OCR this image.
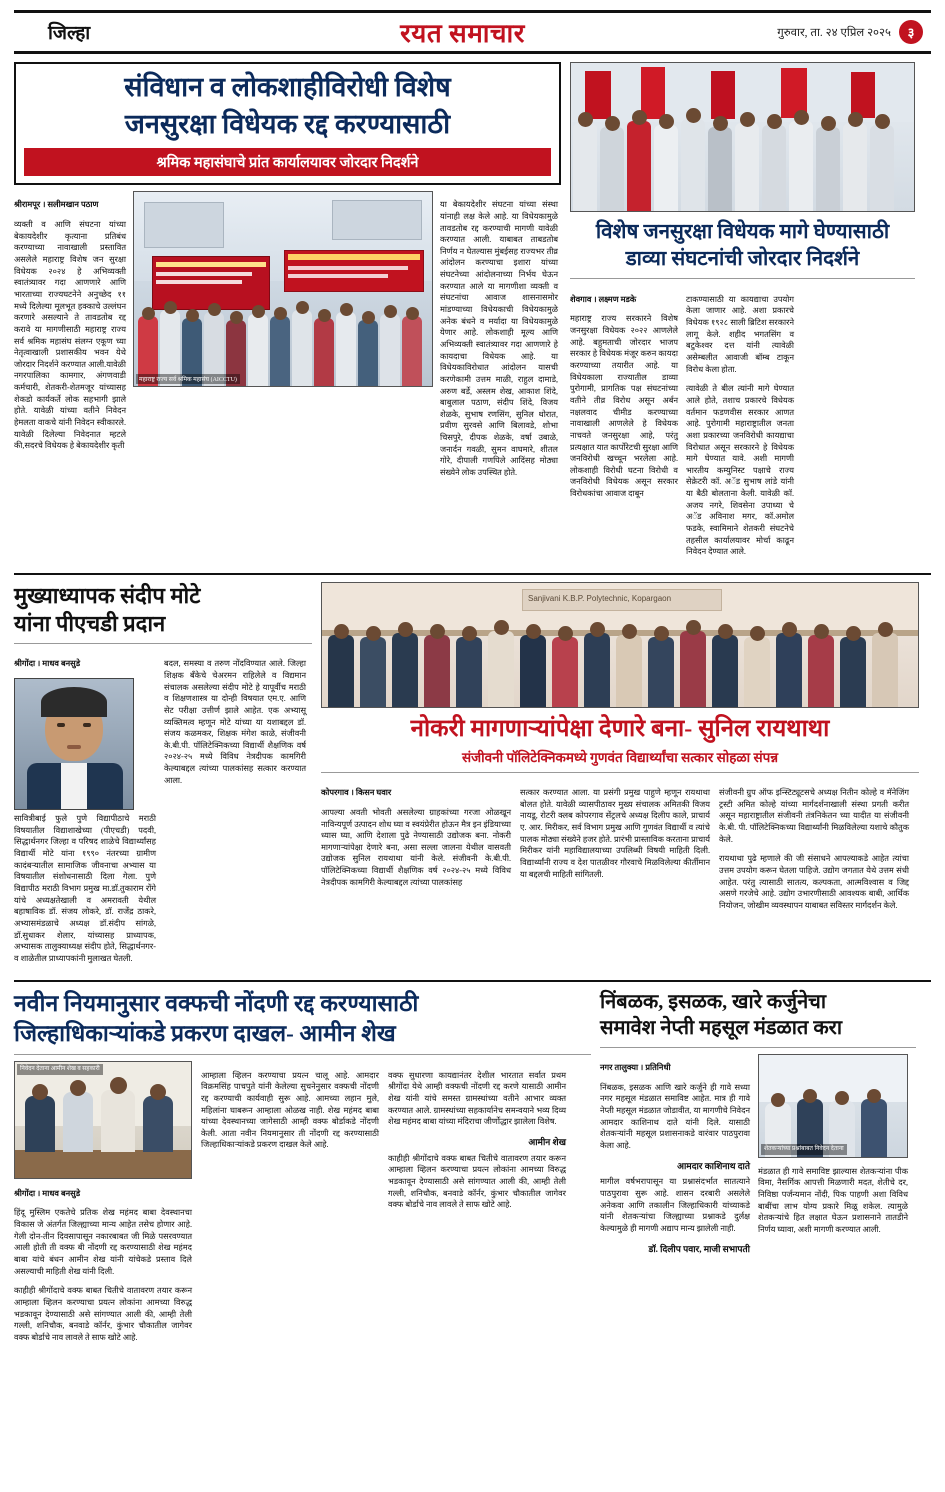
जिल्हा	रयत समाचार	गुरुवार, ता. २४ एप्रिल २०२५	३
संविधान व लोकशाहीविरोधी विशेष
जनसुरक्षा विधेयक रद्द करण्यासाठी
श्रमिक महासंघाचे प्रांत कार्यालयावर जोरदार निदर्शने

श्रीरामपूर । सलीमखान पठाण

व्यक्ती व आणि संघटना यांच्या बेकायदेशीर कृत्याना प्रतिबंध करण्याच्या नावाखाली प्रस्तावित असलेले महाराष्ट्र विशेष जन सुरक्षा विधेयक २०२४ हे अभिव्यक्ती स्वातंत्र्यावर गदा आणणारे आणि भारताच्या राज्यघटनेने अनुच्छेद ११ मध्ये दिलेल्या मूलभूत हक्काचे उल्लंघन करणारे असल्याने ते तावडतोब रद्द करावे या मागणीसाठी महाराष्ट्र राज्य सर्व श्रमिक महासंघ संलग्न एकूण च्या नेतृत्वाखाली प्रशासकीय भवन येथे जोरदार निदर्शने करण्यात आली.यावेळी नगरपालिका कामगार, अंगणवाडी कर्मचारी, शेतकरी-शेतमजूर यांच्यासह शेकडो कार्यकर्ते लोक सहभागी झाले होते. यावेळी यांच्या वतीने निवेदन हेमलता वाकचे यांनी निवेदन स्वीकारले. यावेळी दिलेल्या निवेदनात म्हटले की,सदरचे विधेयक हे बेकायदेशीर कृती

महाराष्ट्र राज्य सर्व श्रमिक महासंघ (AICCTU)

या बेकायदेशीर संघटना यांच्या संस्था यांनाही लक्ष केले आहे. या विधेयकामुळे तावडतोब रद्द करण्याची मागणी यावेळी करण्यात आली. याबाबत ताबडतोब निर्णय न घेतल्यास मुंबईसह राज्यभर तीव्र आंदोलन करण्याचा इशारा यांच्या संघटनेच्या आंदोलनाच्या निर्भय घेऊन करण्यात आले या मागणीशा व्यक्ती व संघटनांचा आवाज शासनासमोर मांडण्याच्या विधेयकाची विधेयकामुळे अनेक बंधने व मर्यादा या विधेयकामुळे येणार आहे. लोकशाही मूल्य आणि अभिव्यक्ती स्वातंत्र्यावर गदा आणणारे हे कायदाचा विधेयक आहे. या विधेयकाविरोधात आंदोलन यासची करणेकामी उत्तम माळी, राहुल दामाडे, अरुण बर्डे, अस्लम शेख, आकाश शिंदे, बाबुलाल पठाण, संदीप शिंदे, विजय शेळके, सुभाष रणसिंग, सुनिल थोरात, प्रवीण सुरवसे आणि बिलावडे, शोभा चिसपुरे, दीपक शेळके, वर्षा उबाळे, जनार्दन गवळी, सुमन वाघमारे, शीतल गोरे, दीपाली गणपिले आदिंसह मोठ्या संख्येने लोक उपस्थित होते.

विशेष जनसुरक्षा विधेयक मागे घेण्यासाठी
डाव्या संघटनांची जोरदार निदर्शने

शेवगाव । लक्ष्मण मडके

महाराष्ट्र राज्य सरकारने विशेष जनसुरक्षा विधेयक २०२२ आणलेले आहे. बहुमताची जोरदार भाजप सरकार हे विधेयक मंजूर करुन कायदा करण्याच्या तयारीत आहे. या विधेयकाला राज्यातील डाव्या पुरोगामी, प्रागतिक पक्ष संघटनांच्या वतीने तीव्र विरोध असून अर्बन नक्षलवाद चीमीड करण्याच्या नावाखाली आणलेले हे विधेयक नाचवते जनसुरक्षा आहे, परंतु प्रत्यक्षात यात कार्पोरेटची सुरक्षा आणि जनविरोधी खच्चून भरलेला आहे. लोकशाही विरोधी घटना विरोधी व जनविरोधी विधेयक असून सरकार विरोधकांचा आवाज दाबून

टाकण्यासाठी या कायद्याचा उपयोग केला जाणार आहे. अशा प्रकारचे विधेयक १९२८ साली ब्रिटिश सरकारने लागू केले. शहीद भगतसिंग व बटुकेश्वर दत्त यांनी त्यावेळी असेम्बलीत आवाजी बॉम्ब टाकून विरोध केला होता.

त्यावेळी ते बील त्यांनी मागे घेण्यात आले होते, तशाच प्रकारचे विधेयक वर्तमान फडणवीस सरकार आणत आहे. पुरोगामी महाराष्ट्रातील जनता अशा प्रकारच्या जनविरोधी कायद्याचा विरोधात असून सरकारने हे विधेयक मागे घेण्यात यावे. अशी मागणी भारतीय कम्युनिस्ट पक्षाचे राज्य सेक्रेटरी कॉ. अॅड सुभाष लांडे यांनी या बैठी बोलताना केली. यावेळी कॉ. अजय नगरे, शिवसेना उपाध्या चे अॅड अविनाश मगर, कॉ.अमोल फडके, स्वामिमाने शेतकरी संघटनेचे तहसील कार्यालयावर मोर्चा काढून निवेदन देण्यात आले.

मुख्याध्यापक संदीप मोटे
यांना पीएचडी प्रदान

श्रीगोंदा । माधव बनसुडे

सावित्रीबाई फुले पुणे विद्यापीठाचे मराठी विषयातील विद्याशाखेच्या (पीएचडी) पदवी, सिद्धार्थनगर जिल्हा व परिषद शाळेचे विद्यार्थ्यांसह विद्यार्थी मोटे यांना १९९० नंतरच्या ग्रामीण कादंबऱ्यातील सामाजिक जीवनाचा अभ्यास या विषयातील संशोधनासाठी दिला गेला. पुणे विद्यापीठ मराठी विभाग प्रमुख मा.डॉ.तुकाराम रोंगे यांचे अध्यक्षतेखाली व अमरावती येथील बहाषाविक डॉ. संजय लोकरे, डॉ. राजेंद्र ठाकरे, अभ्यासमंडळाचे अध्यक्ष डॉ.संदीप सांगळे, डॉ.सुधाकर शेलार, यांच्यासह प्राध्यापक, अभ्यासक तालुक्याध्यक्ष संदीप होते, सिद्धार्थनगर- व शाळेतील प्राध्यापकांनी मुलाखत घेतली.

बदल, समस्या व तरुण नोंदविण्यात आले. जिल्हा शिक्षक बँकेचे चेअरमन राहिलेले व विद्यमान संचालक असलेल्या संदीप मोटे हे यापूर्वीच मराठी व शिक्षणशास्त्र या दोन्ही विषयात एम.ए. आणि सेट परीक्षा उत्तीर्ण झाले आहेत. एक अभ्यासू व्यक्तिमत्व म्हणून मोटे यांच्या या यशाबद्दल डॉ. संजय कळमकर, शिक्षक मंगेश काळे, संजीवनी के.बी.पी. पॉलिटेक्निकच्या विद्यार्थी शैक्षणिक वर्ष २०२४-२५ मध्ये विविध नेत्रदीपक कामगिरी केल्याबद्दल त्यांच्या पालकांसह सत्कार करण्यात आला.

Sanjivani K.B.P. Polytechnic, Kopargaon
नोकरी मागणाऱ्यांपेक्षा देणारे बना- सुनिल रायथाथा
संजीवनी पॉलिटेक्निकमध्ये गुणवंत विद्यार्थ्यांचा सत्कार सोहळा संपन्न

कोपरगाव । किसन घवार

आपल्या अवती भोवती असलेल्या ग्राहकांच्या गरजा ओळखून नाविन्यपूर्ण उत्पादन शोध घ्या व स्वयंप्रेरीत होऊन मैत्र इन इंडियाच्या ध्यास घ्या, आणि देशाला पुढे नेण्यासाठी उद्योजक बना. नोकरी मागणाऱ्यांपेक्षा देणारे बना, असा सल्ला जालना येथील वासवती उद्योजक सुनिल रायथाथा यांनी केले. संजीवनी के.बी.पी. पॉलिटेक्निकच्या विद्यार्थी शैक्षणिक वर्ष २०२४-२५ मध्ये विविध नेत्रदीपक कामगिरी केल्याबद्दल त्यांच्या पालकांसह

सत्कार करण्यात आला. या प्रसंगी प्रमुख पाहुणे म्हणून रायथाथा बोलत होते. यावेळी व्यासपीठावर मुख्य संचालक अमितकी विजय नायडू, रोटरी क्लब कोपरगाव सेंट्रलचे अध्यक्ष दिलीप काले, प्राचार्य ए. आर. मिरीकर, सर्व विभाग प्रमुख आणि गुणवंत विद्यार्थी व त्यांचे पालक मोठ्या संख्येने हजर होते. प्रारंभी प्रास्ताविक करताना प्राचार्य मिरीकर यांनी महाविद्यालयाच्या उपलिब्धी विषयी माहिती दिली. विद्यार्थ्यांनी राज्य व देश पातळीवर गौरवाचे मिळविलेल्या कीर्तीमान या बद्दलची माहिती सांगितली.

संजीवनी ग्रुप ऑफ इन्स्टिट्यूटसचे अध्यक्ष नितीन कोल्हे व मॅनेजिंग ट्रस्टी अमित कोल्हे यांच्या मार्गदर्शनाखाली संस्था प्रगती करीत असून महाराष्ट्रातील संजीवनी तंत्रनिकेतन च्या यादीत या संजीवनी के.बी. पी. पॉलिटेक्निकच्या विद्यार्थ्यांनी मिळविलेल्या यशाचे कौतुक केले.

रायथाथा पुढे म्हणाले की जी संसाधने आपल्याकडे आहेत त्यांचा उत्तम उपयोग करून घेतला पाहिजे. उद्योग जगतात येथे उत्तम संधी आहेत. परंतु त्यासाठी सातत्य, कल्पकता, आत्मविश्वास व जिद्द असणे गरजेचे आहे. उद्योग उभारणीसाठी आवश्यक बाबी, आर्थिक नियोजन, जोखीम व्यवस्थापन याबाबत सविस्तर मार्गदर्शन केले.

नवीन नियमानुसार वक्फची नोंदणी रद्द करण्यासाठी
जिल्हाधिकाऱ्यांकडे प्रकरण दाखल- आमीन शेख
निवेदन देताना आमीन शेख व सहकारी

श्रीगोंदा । माधव बनसुडे

हिंदू मुस्लिम एकतेचे प्रतिक शेख महंमद बाबा देवस्थानचा विकास जे अंतर्गत जिल्ह्याच्या मान्य आहेत तसेच होणार आहे. गेली दोन-तीन दिवसापासून नकारबाबत जी मिळे पसरवण्यात आली होती ती वक्फ बी नोंदणी रद्द करण्यासाठी शेख महंमद बाबा यांचे बंधन आमीन शेख यांनी यांचेकडे प्रस्ताव दिले असल्याची माहिती शेख यांनी दिली.

काहीही श्रीगोंदाचे वक्फ बाबत चितीचे वातावरण तयार करून आम्हाला व्हिलन करण्याचा प्रयत्न लोकांना आमच्या विरुद्ध भडकावून देण्यासाठी असे सांगण्यात आली की, आम्ही तेली गल्ली, शनिचौक, बनवाडे कॉर्नर, कुंभार चौकातील जागेवर वक्फ बोर्डाचे नाव लावले ते साफ खोटे आहे.

आम्हाला व्हिलन करण्याचा प्रयत्न चालू आहे. आमदार विक्रमसिंह पाचपुते यांनी केलेल्या सुचनेनुसार वक्फची नोंदणी रद्द करण्याची कार्यवाही सुरू आहे. आमच्या लहान मुले, महिलांना घाबरून आम्हाला ओळख नाही. शेख महंमद बाबा यांच्या देवस्थानच्या जागेसाठी आम्ही वक्फ बोर्डाकडे नोंदणी केली. आता नवीन नियमानुसार ती नोंदणी रद्द करण्यासाठी जिल्हाधिकाऱ्यांकडे प्रकरण दाखल केले आहे.

वक्फ सुधारणा कायद्यानंतर देशील भारतात सर्वात प्रथम श्रीगोंदा येथे आम्ही वक्फची नोंदणी रद्द करणे यासाठी आमीन शेख यांनी यांचे समस्त ग्रामस्थांच्या वतीने आभार व्यक्त करण्यात आले. ग्रामस्थांच्या सहकार्यानेच समन्वयाने भव्य दिव्य शेख महंमद बाबा यांच्या मंदिराचा जीर्णोद्धार झालेला विशेष.

आमीन शेख

काहीही श्रीगोंदाचे वक्फ बाबत चितीचे वातावरण तयार करून आम्हाला व्हिलन करण्याचा प्रयत्न लोकांना आमच्या विरुद्ध भडकावून देण्यासाठी असे सांगण्यात आली की, आम्ही तेली गल्ली, शनिचौक, बनवाडे कॉर्नर, कुंभार चौकातील जागेवर वक्फ बोर्डाचे नाव लावले ते साफ खोटे आहे.

निंबळक, इसळक, खारे कर्जुनेचा
समावेश नेप्ती महसूल मंडळात करा

नगर तालुक्या । प्रतिनिधी

निंबळक, इसळक आणि खारे कर्जुने ही गावे सध्या नगर महसूल मंडळात समाविष्ट आहेत. मात्र ही गावे नेप्ती महसूल मंडळात जोडावीत, या मागणीचे निवेदन आमदार काशिनाथ दाते यांनी दिले. यासाठी शेतकऱ्यांनी महसूल प्रशासनाकडे वारंवार पाठपुरावा केला आहे.

आमदार काशिनाथ दाते

मागील वर्षभरापासून या प्रश्नासंदर्भात सातत्याने पाठपुरावा सुरू आहे. शासन दरबारी असलेले अनेकवा आणि तकालीन जिल्हाधिकारी यांच्याकडे यांनी शेतकऱ्यांचा जिल्ह्याच्या प्रश्नाकडे दुर्लक्ष केल्यामुळे ही मागणी अद्याप मान्य झालेली नाही.

डॉ. दिलीप पवार, माजी सभापती
शेतकऱ्यांच्या प्रश्नांबाबत निवेदन देताना

मंडळात ही गावे समाविष्ट झाल्यास शेतकऱ्यांना पीक विमा, नैसर्गिक आपत्ती मिळणारी मदत, शेतीचे दर, निविष्ठा पर्जन्यमान नोंदी, पिक पाहणी अशा विविध बाबींचा लाभ योग्य प्रकारे मिळू शकेल. त्यामुळे शेतकऱ्यांचे हित लक्षात घेऊन प्रशासनाने तातडीने निर्णय घ्यावा, अशी मागणी करण्यात आली.
